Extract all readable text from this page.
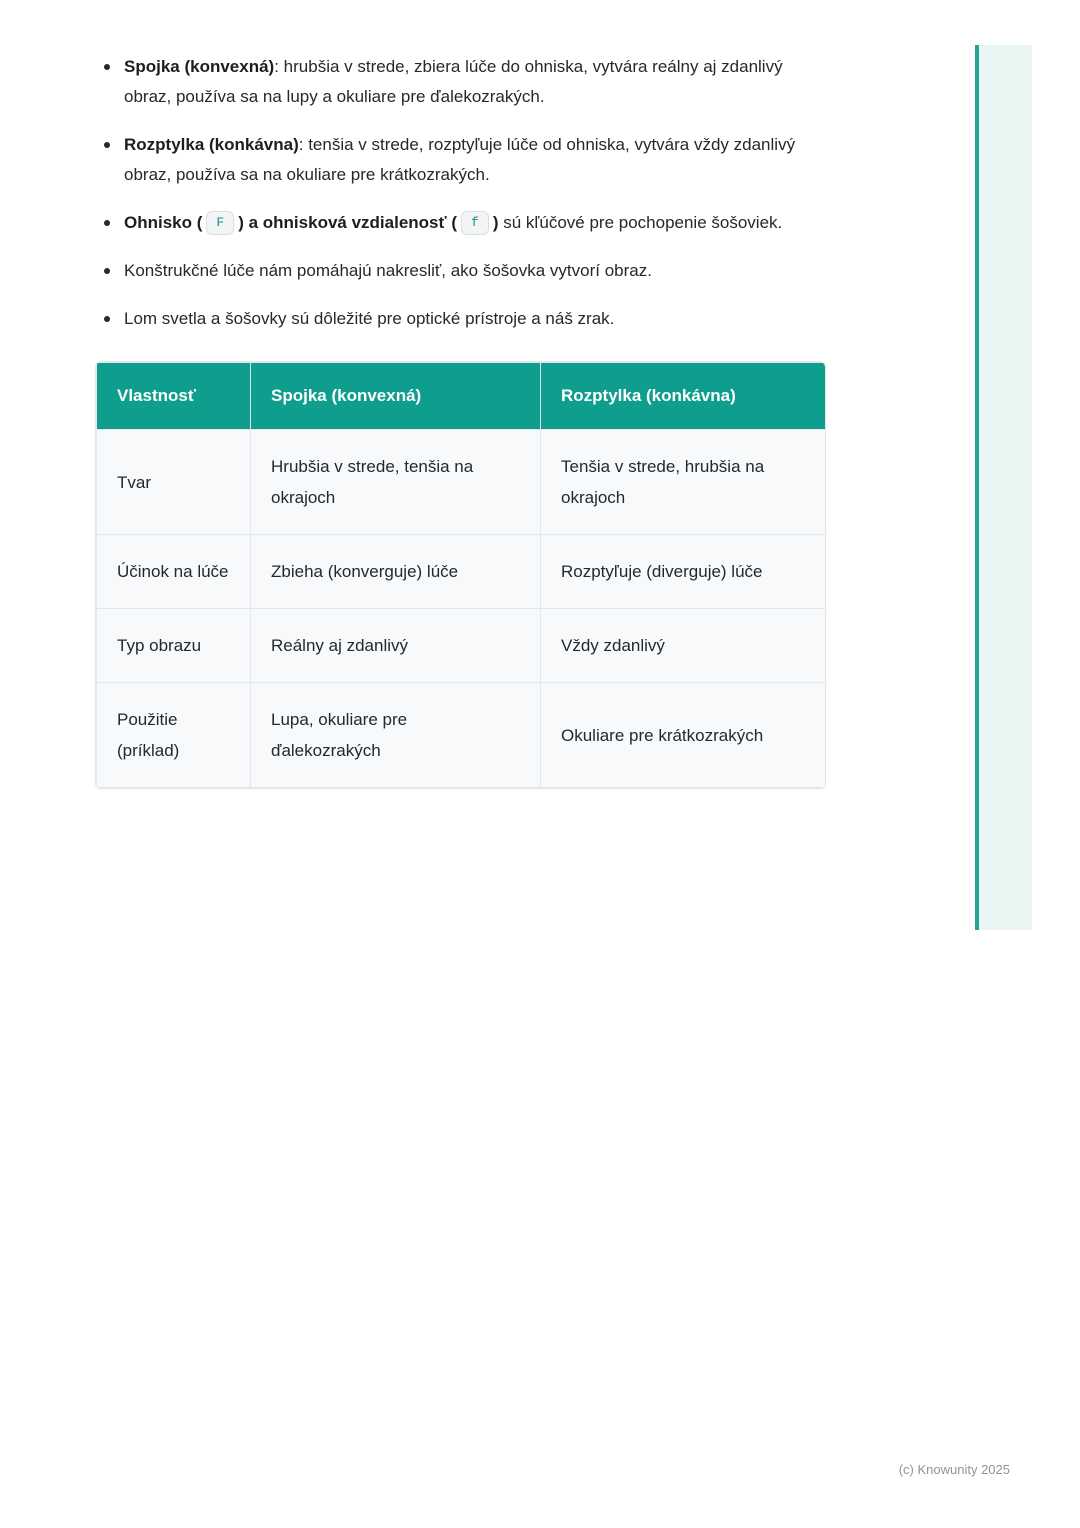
Spojka (konvexná): hrubšia v strede, zbiera lúče do ohniska, vytvára reálny aj zdanlivý obraz, používa sa na lupy a okuliare pre ďalekozrakých.
Rozptylka (konkávna): tenšia v strede, rozptyľuje lúče od ohniska, vytvára vždy zdanlivý obraz, používa sa na okuliare pre krátkozrakých.
Ohnisko ( F ) a ohnisková vzdialenosť ( f ) sú kľúčové pre pochopenie šošoviek.
Konštrukčné lúče nám pomáhajú nakresliť, ako šošovka vytvorí obraz.
Lom svetla a šošovky sú dôležité pre optické prístroje a náš zrak.
Vlastnosť	Spojka (konvexná)	Rozptylka (konkávna)
Tvar	Hrubšia v strede, tenšia na okrajoch	Tenšia v strede, hrubšia na okrajoch
Účinok na lúče	Zbieha (konverguje) lúče	Rozptyľuje (diverguje) lúče
Typ obrazu	Reálny aj zdanlivý	Vždy zdanlivý
Použitie (príklad)	Lupa, okuliare pre ďalekozrakých	Okuliare pre krátkozrakých
(c) Knowunity 2025
